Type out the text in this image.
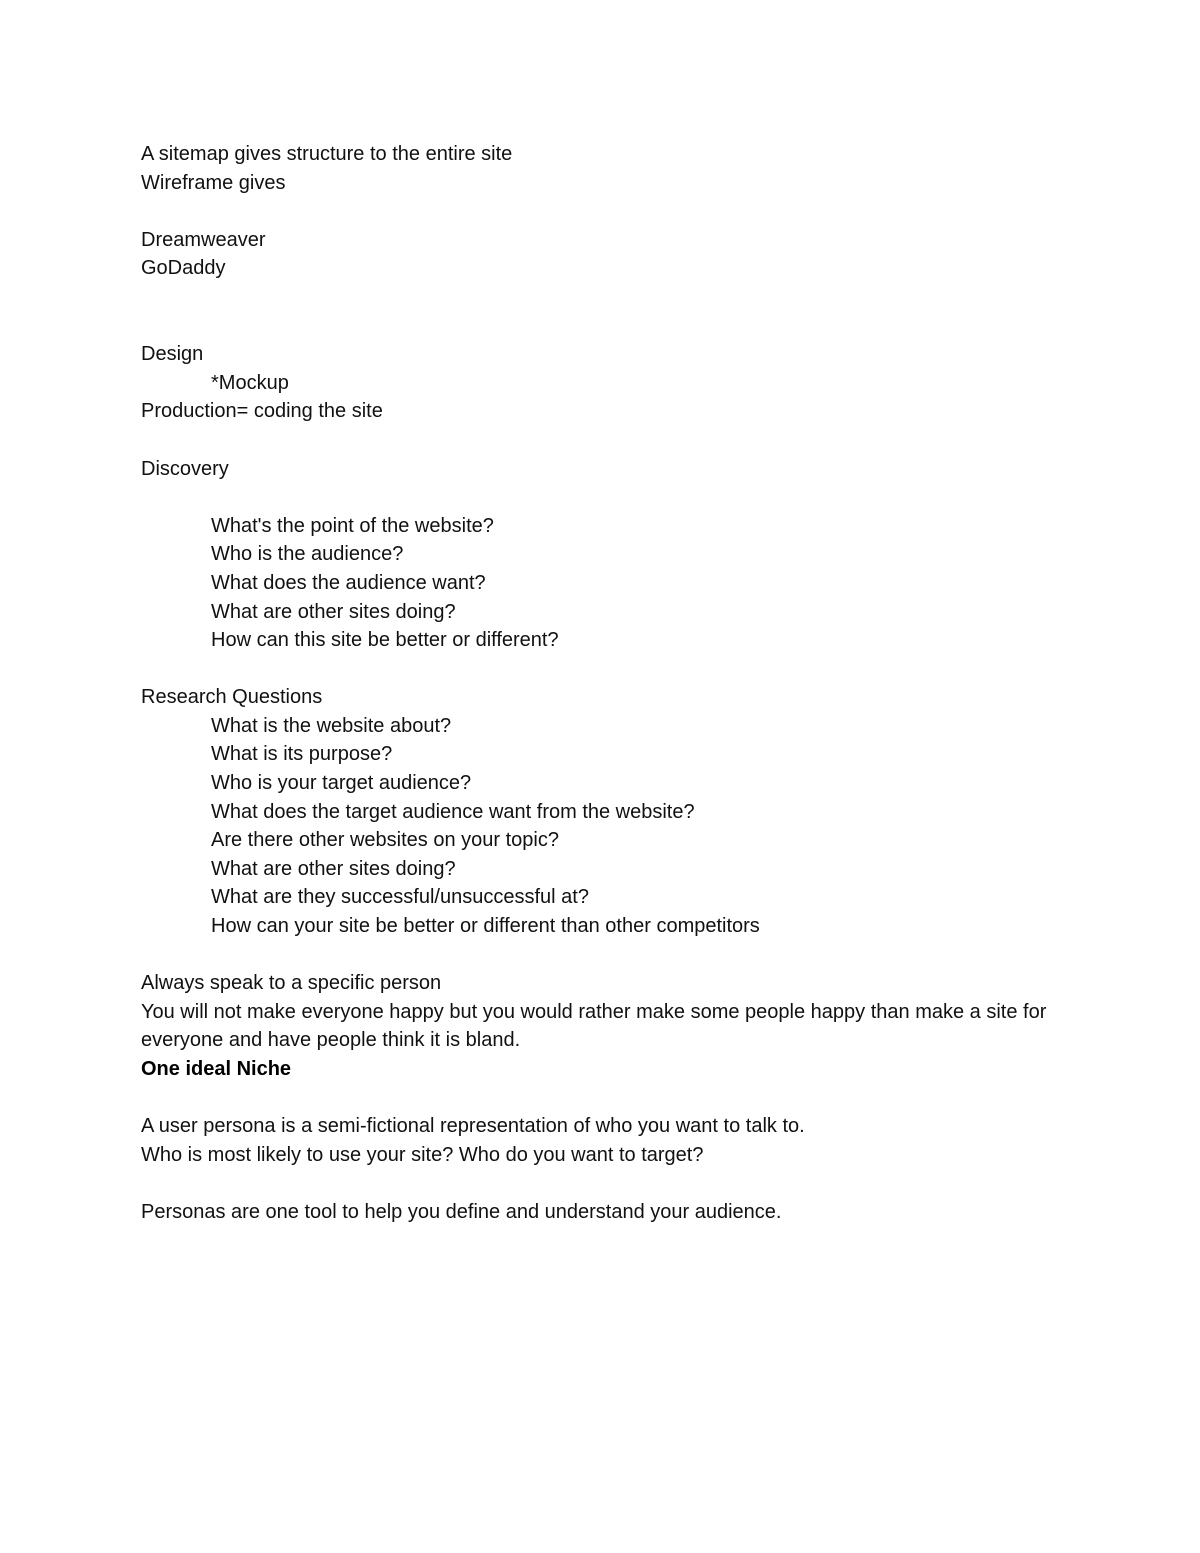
A sitemap gives structure to the entire site

Wireframe gives

Dreamweaver

GoDaddy

Design

*Mockup

Production= coding the site

Discovery

What's the point of the website?

Who is the audience?

What does the audience want?

What are other sites doing?

How can this site be better or different?

Research Questions

What is the website about?

What is its purpose?

Who is your target audience?

What does the target audience want from the website?

Are there other websites on your topic?

What are other sites doing?

What are they successful/unsuccessful at?

How can your site be better or different than other competitors

Always speak to a specific person

You will not make everyone happy but you would rather make some people happy than make a site for everyone and have people think it is bland.

One ideal Niche

A user persona is a semi-fictional representation of who you want to talk to.

Who is most likely to use your site? Who do you want to target?

Personas are one tool to help you define and understand your audience.
